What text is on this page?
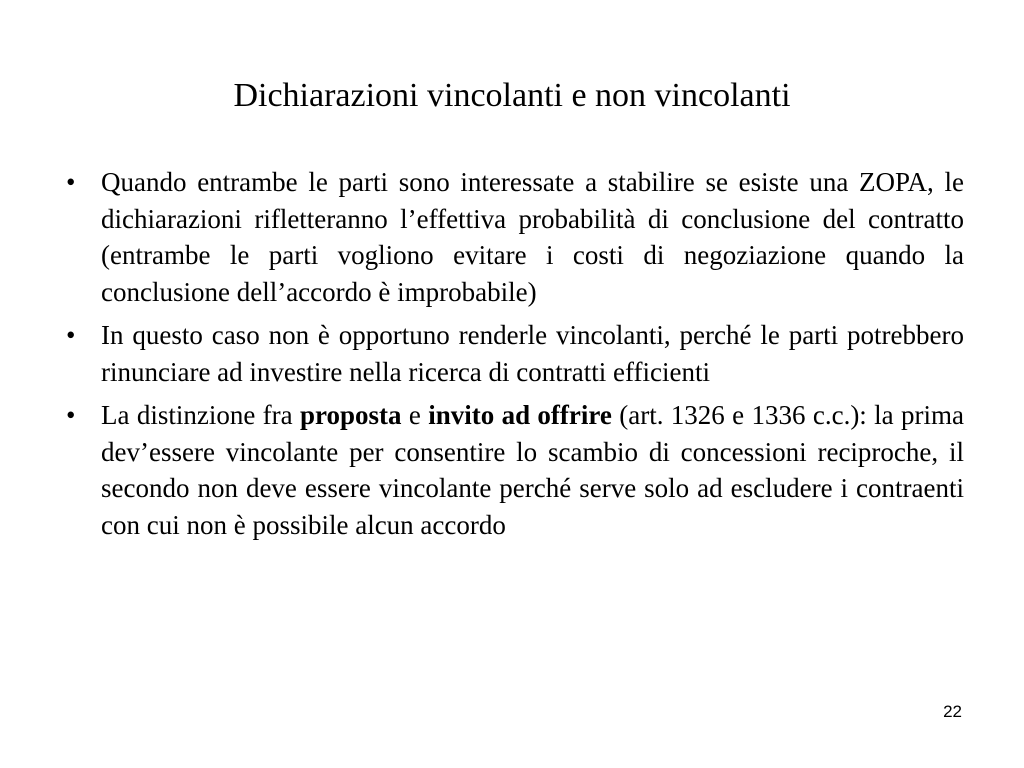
Dichiarazioni vincolanti e non vincolanti
• Quando entrambe le parti sono interessate a stabilire se esiste una ZOPA, le dichiarazioni rifletteranno l’effettiva probabilità di conclusione del contratto (entrambe le parti vogliono evitare i costi di negoziazione quando la conclusione dell’accordo è improbabile)
• In questo caso non è opportuno renderle vincolanti, perché le parti potrebbero rinunciare ad investire nella ricerca di contratti efficienti
• La distinzione fra proposta e invito ad offrire (art. 1326 e 1336 c.c.): la prima dev’essere vincolante per consentire lo scambio di concessioni reciproche, il secondo non deve essere vincolante perché serve solo ad escludere i contraenti con cui non è possibile alcun accordo
22
